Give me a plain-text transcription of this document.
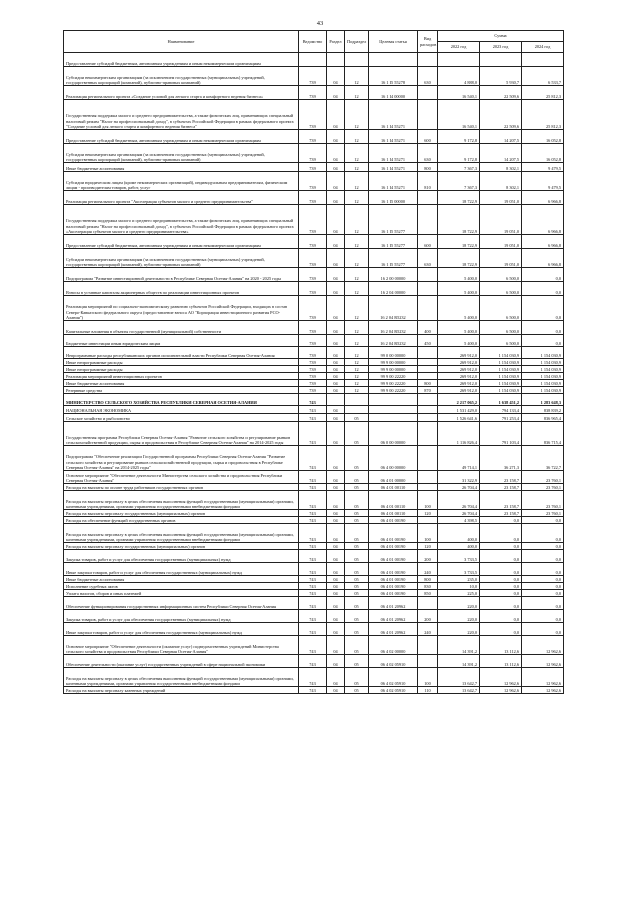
43
Наименование	Ведомство	Раздел	Подраздел	Целевая статья	Вид расходов	Сумма		
						2022 год	2023 год	2024 год
Предоставление субсидий бюджетным, автономным учреждениям и иным некоммерческим организациям								
Субсидии некоммерческим организациям (за исключением государственных (муниципальных) учреждений, государственных корпораций (компаний), публично-правовых компаний)	739	04	12	16 1 I5 55278	630	4 888,0	5 930,7	6 533,7
Реализация регионального проекта «Создание условий для легкого старта и комфортного ведения бизнеса»	739	04	12	16 1 I4 00000		16 540,1	22 509,6	25 812,3
Государственная поддержка малого и среднего предпринимательства, а также физических лиц, применяющих специальный налоговый режим "Налог на профессиональный доход", в субъектах Российской Федерации в рамках федерального проекта "Создание условий для легкого старта и комфортного ведения бизнеса"	739	04	12	16 1 I4 55271		16 540,1	22 509,6	25 812,3
Предоставление субсидий бюджетным, автономным учреждениям и иным некоммерческим организациям	739	04	12	16 1 I4 55271	600	9 172,8	14 207,5	16 052,8
Субсидии некоммерческим организациям (за исключением государственных (муниципальных) учреждений, государственных корпораций (компаний), публично-правовых компаний)	739	04	12	16 1 I4 55271	630	9 172,8	14 207,5	16 052,8
Иные бюджетные ассигнования	739	04	12	16 1 I4 55271	800	7 367,3	8 302,1	9 479,5
Субсидии юридическим лицам (кроме некоммерческих организаций), индивидуальным предпринимателям, физическим лицам - производителям товаров, работ, услуг	739	04	12	16 1 I4 55271	810	7 367,3	8 302,1	9 479,5
Реализация регионального проекта "Акселерация субъектов малого и среднего предпринимательства"	739	04	12	16 1 I5 00000		18 722,9	19 051,0	6 966,8
Государственная поддержка малого и среднего предпринимательства, а также физических лиц, применяющих специальный налоговый режим "Налог на профессиональный доход", в субъектах Российской Федерации в рамках федерального проекта «Акселерация субъектов малого и среднего предпринимательства»	739	04	12	16 1 I5 55277		18 722,9	19 051,0	6 966,8
Предоставление субсидий бюджетным, автономным учреждениям и иным некоммерческим организациям	739	04	12	16 1 I5 55277	600	18 722,9	19 051,0	6 966,8
Субсидии некоммерческим организациям (за исключением государственных (муниципальных) учреждений, государственных корпораций (компаний), публично-правовых компаний)	739	04	12	16 1 I5 55277	630	18 722,9	19 051,0	6 966,8
Подпрограмма "Развитие инвестиционной деятельности в Республике Северная Осетия-Алания" на 2020 - 2025 годы	739	04	12	16 2 00 00000		5 400,0	6 500,0	0,0
Взносы в уставные капиталы акционерных обществ по реализации инвестиционных проектов	739	04	12	16 2 04 00000		5 400,0	6 500,0	0,0
Реализация мероприятий по социально-экономическому развитию субъектов Российской Федерации, входящих в состав Северо-Кавказского федерального округа (предоставление взноса АО "Корпорация инвестиционного развития РСО-Алания")	739	04	12	16 2 04 R5232		5 400,0	6 500,0	0,0
Капитальные вложения в объекты государственной (муниципальной) собственности	739	04	12	16 2 04 R5232	400	5 400,0	6 500,0	0,0
Бюджетные инвестиции иным юридическим лицам	739	04	12	16 2 04 R5232	450	5 400,0	6 500,0	0,0
Непрограммные расходы республиканских органов исполнительной власти Республики Северная Осетия-Алания	739	04	12	99 0 00 00000		269 912,0	1 154 030,9	1 154 030,9
Иные непрограммные расходы	739	04	12	99 9 00 00000		269 912,0	1 154 030,9	1 154 030,9
Иные непрограммные расходы	739	04	12	99 9 00 00000		269 912,0	1 154 030,9	1 154 030,9
Реализация мероприятий инвестиционных проектов	739	04	12	99 9 00 22220		269 912,0	1 154 030,9	1 154 030,9
Иные бюджетные ассигнования	739	04	12	99 9 00 22220	800	269 912,0	1 154 030,9	1 154 030,9
Резервные средства	739	04	12	99 9 00 22220	870	269 912,0	1 154 030,9	1 154 030,9
МИНИСТЕРСТВО СЕЛЬСКОГО ХОЗЯЙСТВА РЕСПУБЛИКИ СЕВЕРНАЯ ОСЕТИЯ-АЛАНИЯ	743					2 217 065,2	1 638 451,2	1 283 648,3
НАЦИОНАЛЬНАЯ ЭКОНОМИКА	743	04				1 531 429,0	794 133,4	838 839,2
Сельское хозяйство и рыболовство	743	04	05			1 526 641,6	791 253,4	836 965,4
Государственная программа Республики Северная Осетия-Алания "Развитие сельского хозяйства и регулирование рынков сельскохозяйственной продукции, сырья и продовольствия в Республике Северная Осетия-Алания" на 2014-2025 годы	743	04	05	06 0 00 00000		1 116 826,4	791 103,4	836 715,4
Подпрограмма "Обеспечение реализации Государственной программы Республики Северная Осетия-Алания "Развитие сельского хозяйства и регулирование рынков сельскохозяйственной продукции, сырья и продовольствия в Республике Северная Осетия-Алания" на 2014-2025 годы"	743	04	05	06 4 00 00000		49 714,1	36 271,3	36 722,7
Основное мероприятие "Обеспечение деятельности Министерства сельского хозяйства и продовольствия Республики Северная Осетия-Алания"	743	04	05	06 4 01 00000		31 322,9	23 158,7	23 760,1
Расходы на выплаты по оплате труда работников государственных органов	743	04	05	06 4 01 00110		26 704,4	23 158,7	23 760,1
Расходы на выплаты персоналу в целях обеспечения выполнения функций государственными (муниципальными) органами, казенными учреждениями, органами управления государственными внебюджетными фондами	743	04	05	06 4 01 00110	100	26 704,4	23 158,7	23 760,1
Расходы на выплаты персоналу государственных (муниципальных) органов	743	04	05	06 4 01 00110	120	26 704,4	23 158,7	23 760,1
Расходы на обеспечение функций государственных органов	743	04	05	06 4 01 00190		4 398,5	0,0	0,0
Расходы на выплаты персоналу в целях обеспечения выполнения функций государственными (муниципальными) органами, казенными учреждениями, органами управления государственными внебюджетными фондами	743	04	05	06 4 01 00190	100	400,0	0,0	0,0
Расходы на выплаты персоналу государственных (муниципальных) органов	743	04	05	06 4 01 00190	120	400,0	0,0	0,0
Закупка товаров, работ и услуг для обеспечения государственных (муниципальных) нужд	743	04	05	06 4 01 00190	200	3 733,5	0,0	0,0
Иные закупки товаров, работ и услуг для обеспечения государственных (муниципальных) нужд	743	04	05	06 4 01 00190	240	3 733,5	0,0	0,0
Иные бюджетные ассигнования	743	04	05	06 4 01 00190	800	235,0	0,0	0,0
Исполнение судебных актов	743	04	05	06 4 01 00190	830	10,0	0,0	0,0
Уплата налогов, сборов и иных платежей	743	04	05	06 4 01 00190	850	225,0	0,0	0,0
Обеспечение функционирования государственных информационных систем Республики Северная Осетия-Алания	743	04	05	06 4 01 20962		220,0	0,0	0,0
Закупка товаров, работ и услуг для обеспечения государственных (муниципальных) нужд	743	04	05	06 4 01 20962	200	220,0	0,0	0,0
Иные закупки товаров, работ и услуг для обеспечения государственных (муниципальных) нужд	743	04	05	06 4 01 20962	240	220,0	0,0	0,0
Основное мероприятие "Обеспечение деятельности (оказание услуг) подведомственных учреждений Министерства сельского хозяйства и продовольствия Республики Северная Осетия-Алания"	743	04	05	06 4 02 00000		14 391,2	13 112,6	12 962,6
Обеспечение деятельности (оказание услуг) государственных учреждений в сфере национальной экономики	743	04	05	06 4 02 05910		14 391,2	13 112,6	12 962,6
Расходы на выплаты персоналу в целях обеспечения выполнения функций государственными (муниципальными) органами, казенными учреждениями, органами управления государственными внебюджетными фондами	743	04	05	06 4 02 05910	100	13 642,7	12 962,6	12 962,6
Расходы на выплаты персоналу казенных учреждений	743	04	05	06 4 02 05910	110	13 642,7	12 962,6	12 962,6
